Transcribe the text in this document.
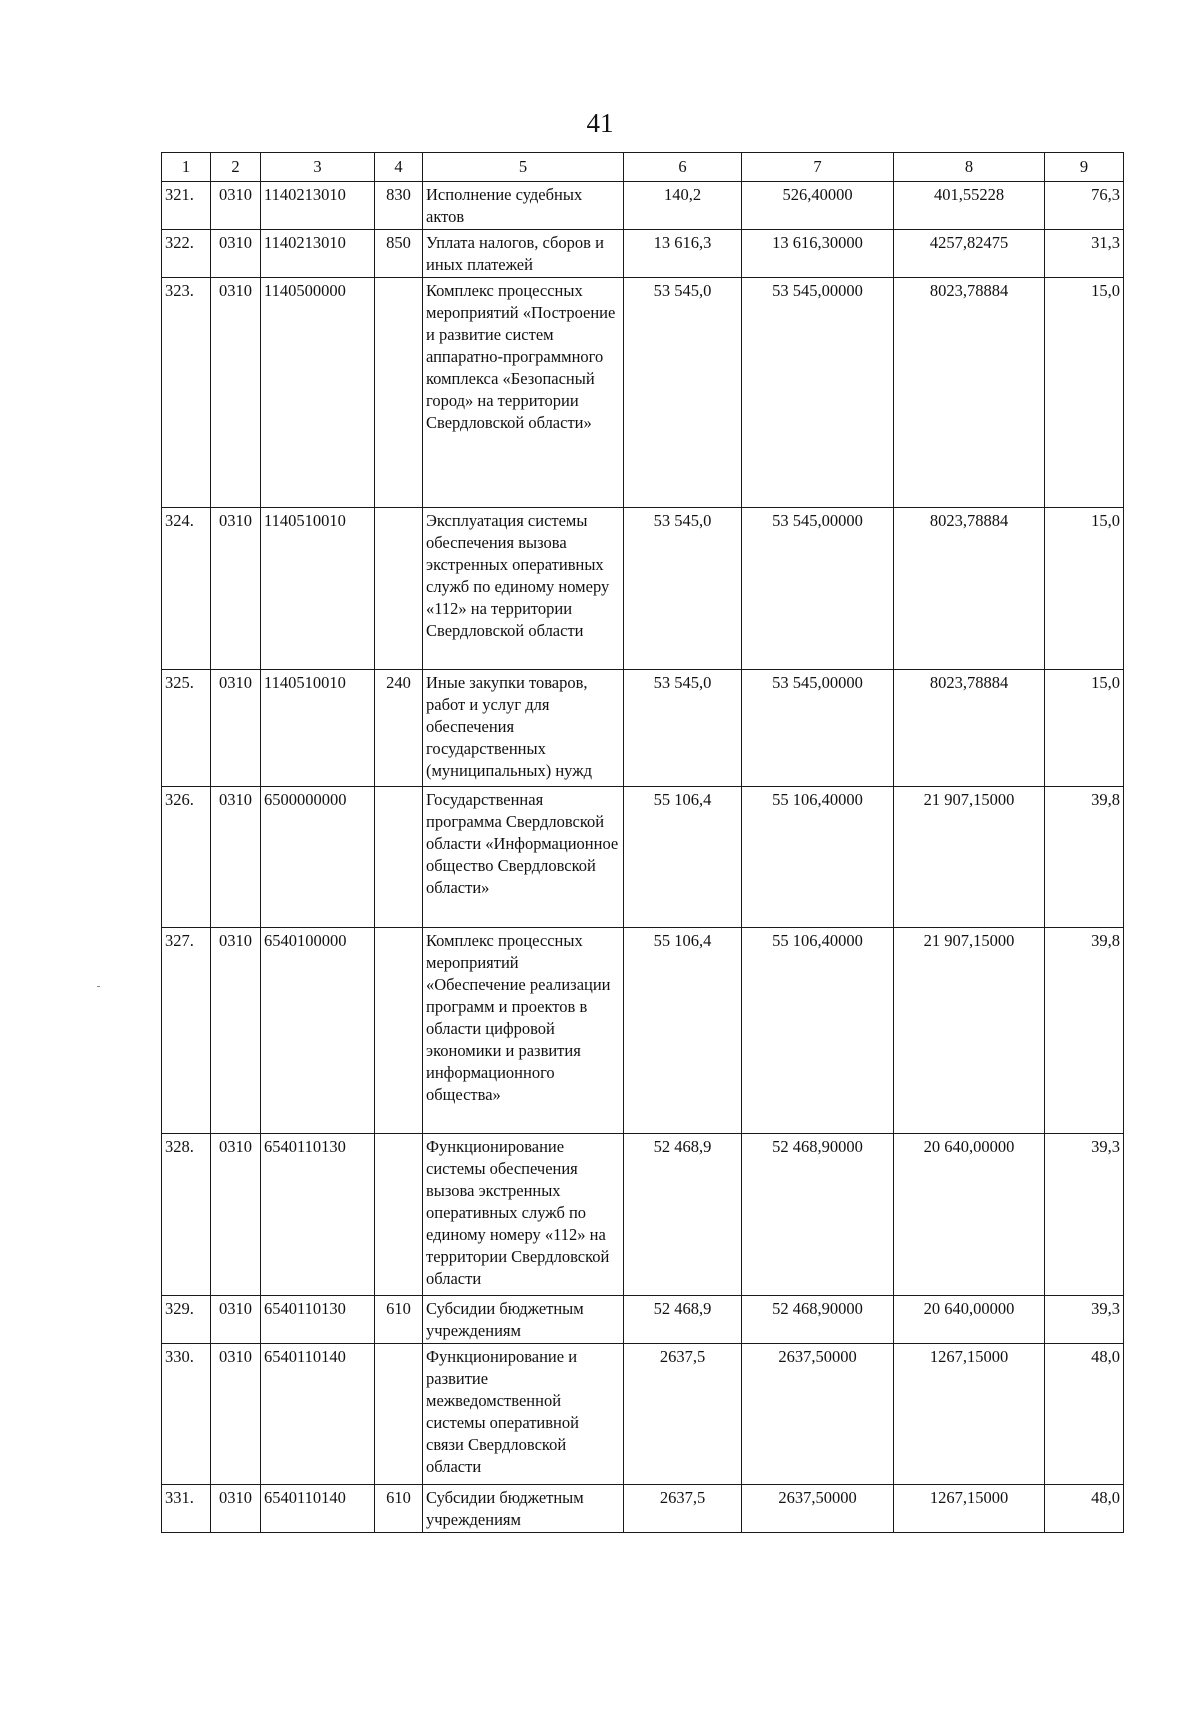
41
1	2	3	4	5	6	7	8	9
321.	0310	1140213010	830	Исполнение судебных актов	140,2	526,40000	401,55228	76,3
322.	0310	1140213010	850	Уплата налогов, сборов и иных платежей	13 616,3	13 616,30000	4257,82475	31,3
323.	0310	1140500000		Комплекс процессных мероприятий «Построение и развитие систем аппаратно-программного комплекса «Безопасный город» на территории Свердловской области»	53 545,0	53 545,00000	8023,78884	15,0
324.	0310	1140510010		Эксплуатация системы обеспечения вызова экстренных оперативных служб по единому номеру «112» на территории Свердловской области	53 545,0	53 545,00000	8023,78884	15,0
325.	0310	1140510010	240	Иные закупки товаров, работ и услуг для обеспечения государственных (муниципальных) нужд	53 545,0	53 545,00000	8023,78884	15,0
326.	0310	6500000000		Государственная программа Свердловской области «Информационное общество Свердловской области»	55 106,4	55 106,40000	21 907,15000	39,8
327.	0310	6540100000		Комплекс процессных мероприятий «Обеспечение реализации программ и проектов в области цифровой экономики и развития информационного общества»	55 106,4	55 106,40000	21 907,15000	39,8
328.	0310	6540110130		Функционирование системы обеспечения вызова экстренных оперативных служб по единому номеру «112» на территории Свердловской области	52 468,9	52 468,90000	20 640,00000	39,3
329.	0310	6540110130	610	Субсидии бюджетным учреждениям	52 468,9	52 468,90000	20 640,00000	39,3
330.	0310	6540110140		Функционирование и развитие межведомственной системы оперативной связи Свердловской области	2637,5	2637,50000	1267,15000	48,0
331.	0310	6540110140	610	Субсидии бюджетным учреждениям	2637,5	2637,50000	1267,15000	48,0
